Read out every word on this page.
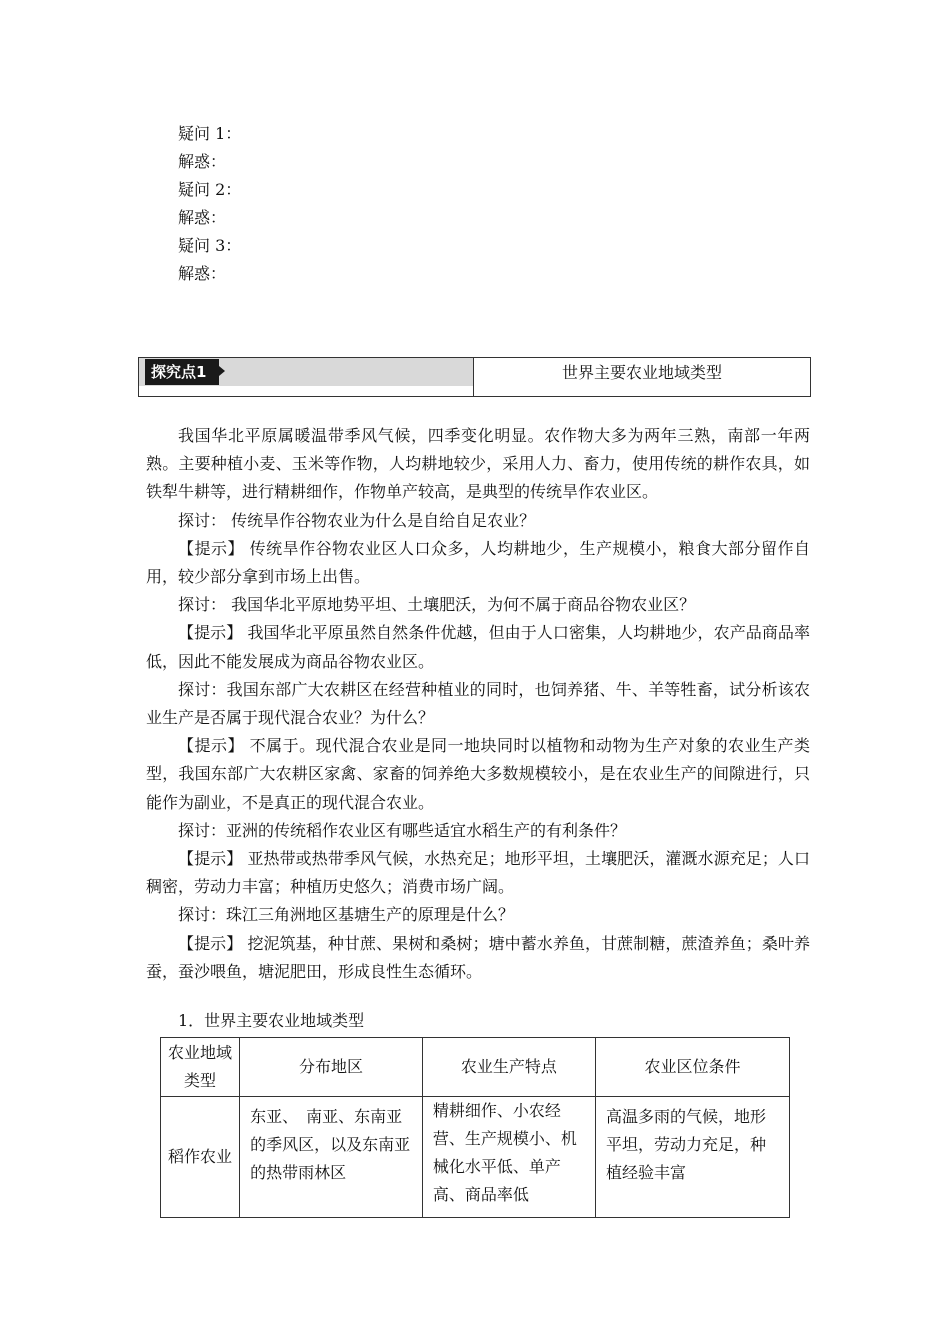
疑问 1：
解惑：
疑问 2：
解惑：
疑问 3：
解惑：
探究点1	世界主要农业地域类型

我国华北平原属暖温带季风气候，四季变化明显。农作物大多为两年三熟，南部一年两熟。主要种植小麦、玉米等作物，人均耕地较少，采用人力、畜力，使用传统的耕作农具，如铁犁牛耕等，进行精耕细作，作物单产较高，是典型的传统旱作农业区。

探讨： 传统旱作谷物农业为什么是自给自足农业？

【提示】 传统旱作谷物农业区人口众多，人均耕地少，生产规模小，粮食大部分留作自用，较少部分拿到市场上出售。

探讨： 我国华北平原地势平坦、土壤肥沃，为何不属于商品谷物农业区？

【提示】 我国华北平原虽然自然条件优越，但由于人口密集，人均耕地少，农产品商品率低，因此不能发展成为商品谷物农业区。

探讨：我国东部广大农耕区在经营种植业的同时，也饲养猪、牛、羊等牲畜，试分析该农业生产是否属于现代混合农业？为什么？

【提示】 不属于。现代混合农业是同一地块同时以植物和动物为生产对象的农业生产类型，我国东部广大农耕区家禽、家畜的饲养绝大多数规模较小，是在农业生产的间隙进行，只能作为副业，不是真正的现代混合农业。

探讨：亚洲的传统稻作农业区有哪些适宜水稻生产的有利条件？

【提示】 亚热带或热带季风气候，水热充足；地形平坦，土壤肥沃，灌溉水源充足；人口稠密，劳动力丰富；种植历史悠久；消费市场广阔。

探讨：珠江三角洲地区基塘生产的原理是什么？

【提示】 挖泥筑基，种甘蔗、果树和桑树；塘中蓄水养鱼，甘蔗制糖，蔗渣养鱼；桑叶养蚕，蚕沙喂鱼，塘泥肥田，形成良性生态循环。

1．世界主要农业地域类型
农业地域类型	分布地区	农业生产特点	农业区位条件
稻作农业	东亚、　南亚、东南亚的季风区，以及东南亚的热带雨林区	精耕细作、小农经营、生产规模小、机械化水平低、单产高、商品率低	高温多雨的气候，地形平坦，劳动力充足，种植经验丰富
